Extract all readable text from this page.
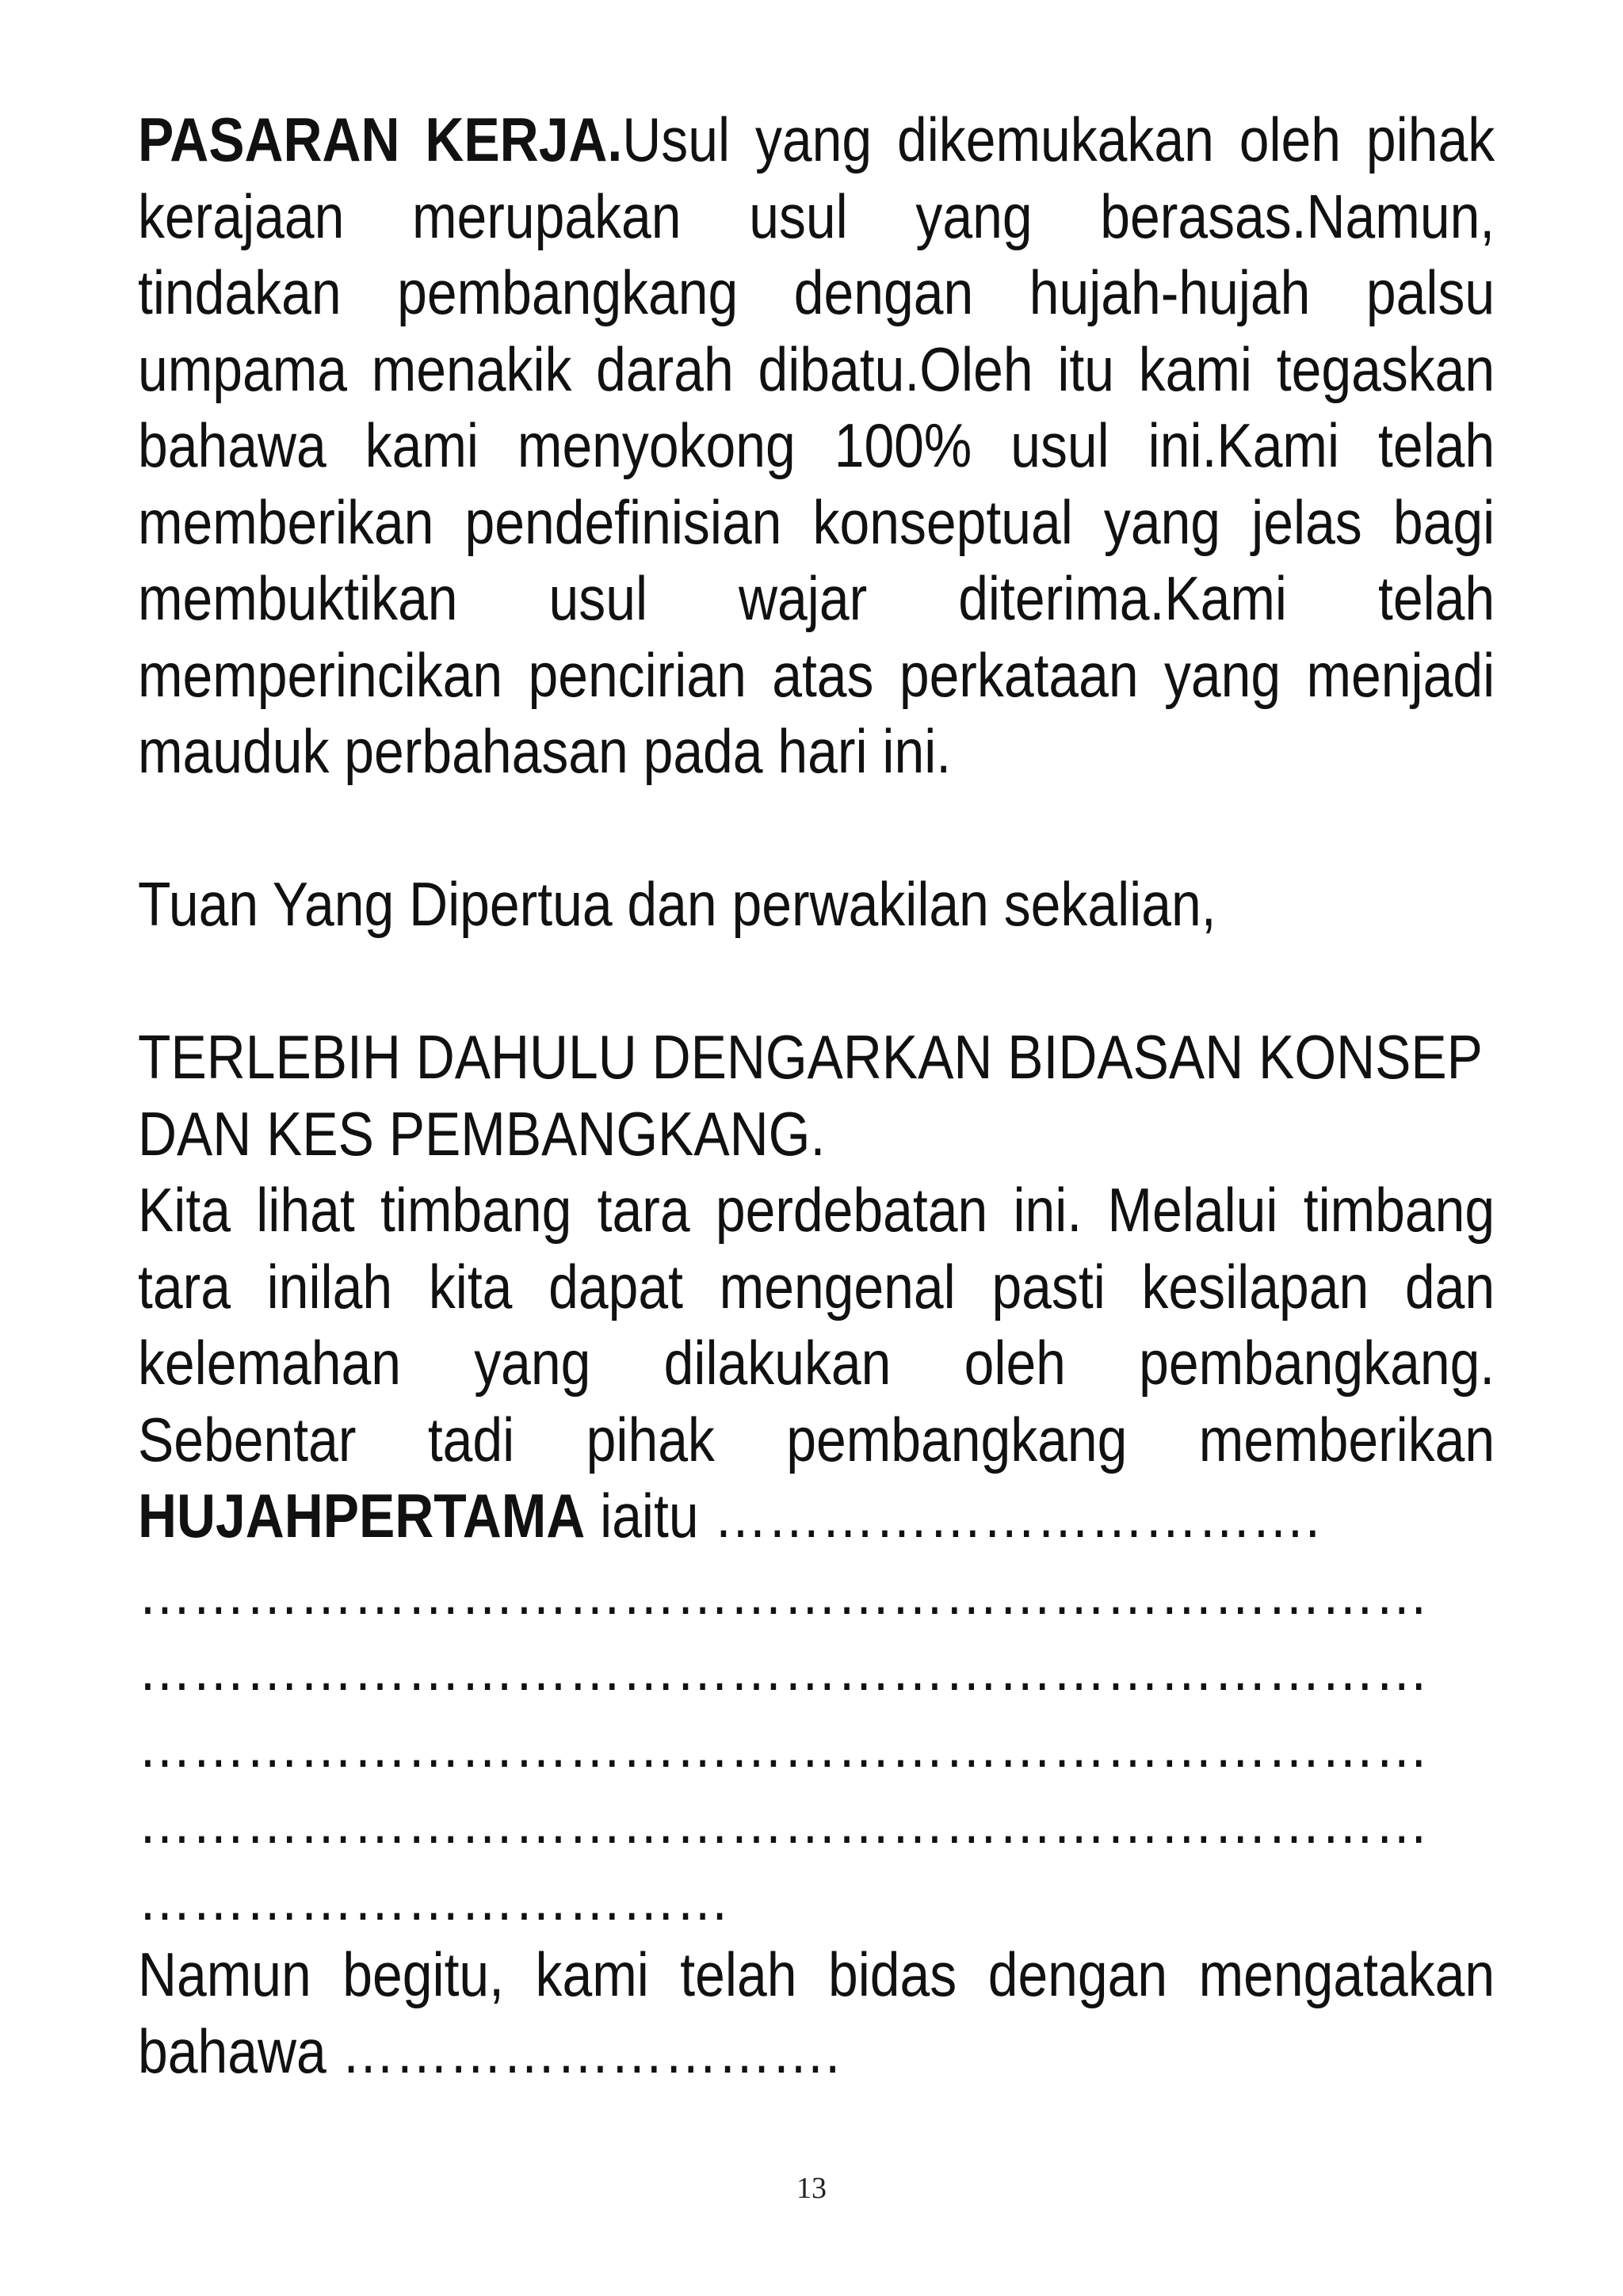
PASARAN KERJA.Usul yang dikemukakan oleh pihak kerajaan merupakan usul yang berasas.Namun, tindakan pembangkang dengan hujah-hujah palsu umpama menakik darah dibatu.Oleh itu kami tegaskan bahawa kami menyokong 100% usul ini.Kami telah memberikan pendefinisian konseptual yang jelas bagi membuktikan usul wajar diterima.Kami telah memperincikan pencirian atas perkataan yang menjadi mauduk perbahasan pada hari ini.

Tuan Yang Dipertua dan perwakilan sekalian,

TERLEBIH DAHULU DENGARKAN BIDASAN KONSEP
DAN KES PEMBANGKANG.

Kita lihat timbang tara perdebatan ini. Melalui timbang tara inilah kita dapat mengenal pasti kesilapan dan kelemahan yang dilakukan oleh pembangkang. Sebentar tadi pihak pembangkang memberikan HUJAHPERTAMA iaitu …………………………….

………………………………………………………………
………………………………………………………………
………………………………………………………………
………………………………………………………………
……………………………

Namun begitu, kami telah bidas dengan mengatakan bahawa ……………………….

13
